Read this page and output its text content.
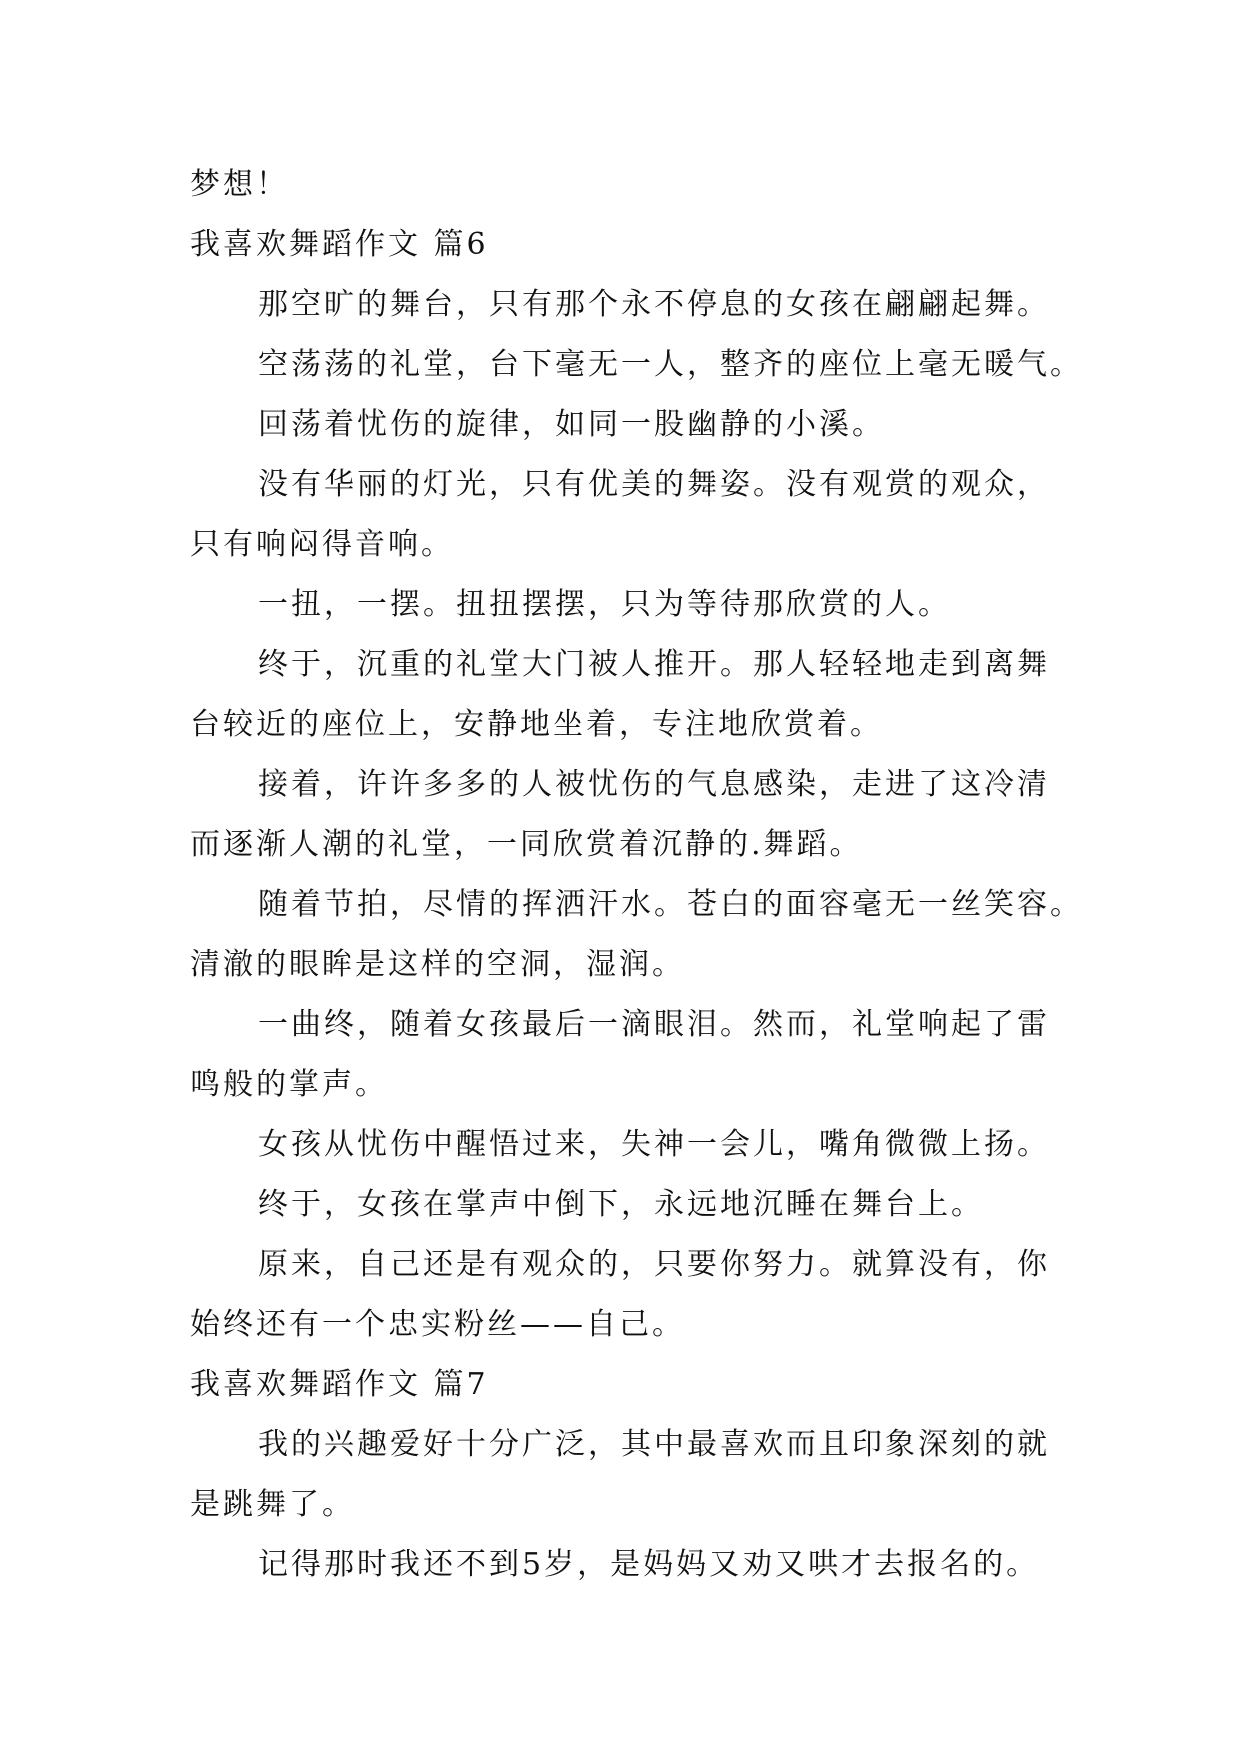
梦想！
我喜欢舞蹈作文 篇6
那空旷的舞台，只有那个永不停息的女孩在翩翩起舞。
空荡荡的礼堂，台下毫无一人，整齐的座位上毫无暖气。
回荡着忧伤的旋律，如同一股幽静的小溪。
没有华丽的灯光，只有优美的舞姿。没有观赏的观众，
只有响闷得音响。
一扭，一摆。扭扭摆摆，只为等待那欣赏的人。
终于，沉重的礼堂大门被人推开。那人轻轻地走到离舞
台较近的座位上，安静地坐着，专注地欣赏着。
接着，许许多多的人被忧伤的气息感染，走进了这冷清
而逐渐人潮的礼堂，一同欣赏着沉静的.舞蹈。
随着节拍，尽情的挥洒汗水。苍白的面容毫无一丝笑容。
清澈的眼眸是这样的空洞，湿润。
一曲终，随着女孩最后一滴眼泪。然而，礼堂响起了雷
鸣般的掌声。
女孩从忧伤中醒悟过来，失神一会儿，嘴角微微上扬。
终于，女孩在掌声中倒下，永远地沉睡在舞台上。
原来，自己还是有观众的，只要你努力。就算没有，你
始终还有一个忠实粉丝——自己。
我喜欢舞蹈作文 篇7
我的兴趣爱好十分广泛，其中最喜欢而且印象深刻的就
是跳舞了。
记得那时我还不到5岁，是妈妈又劝又哄才去报名的。
